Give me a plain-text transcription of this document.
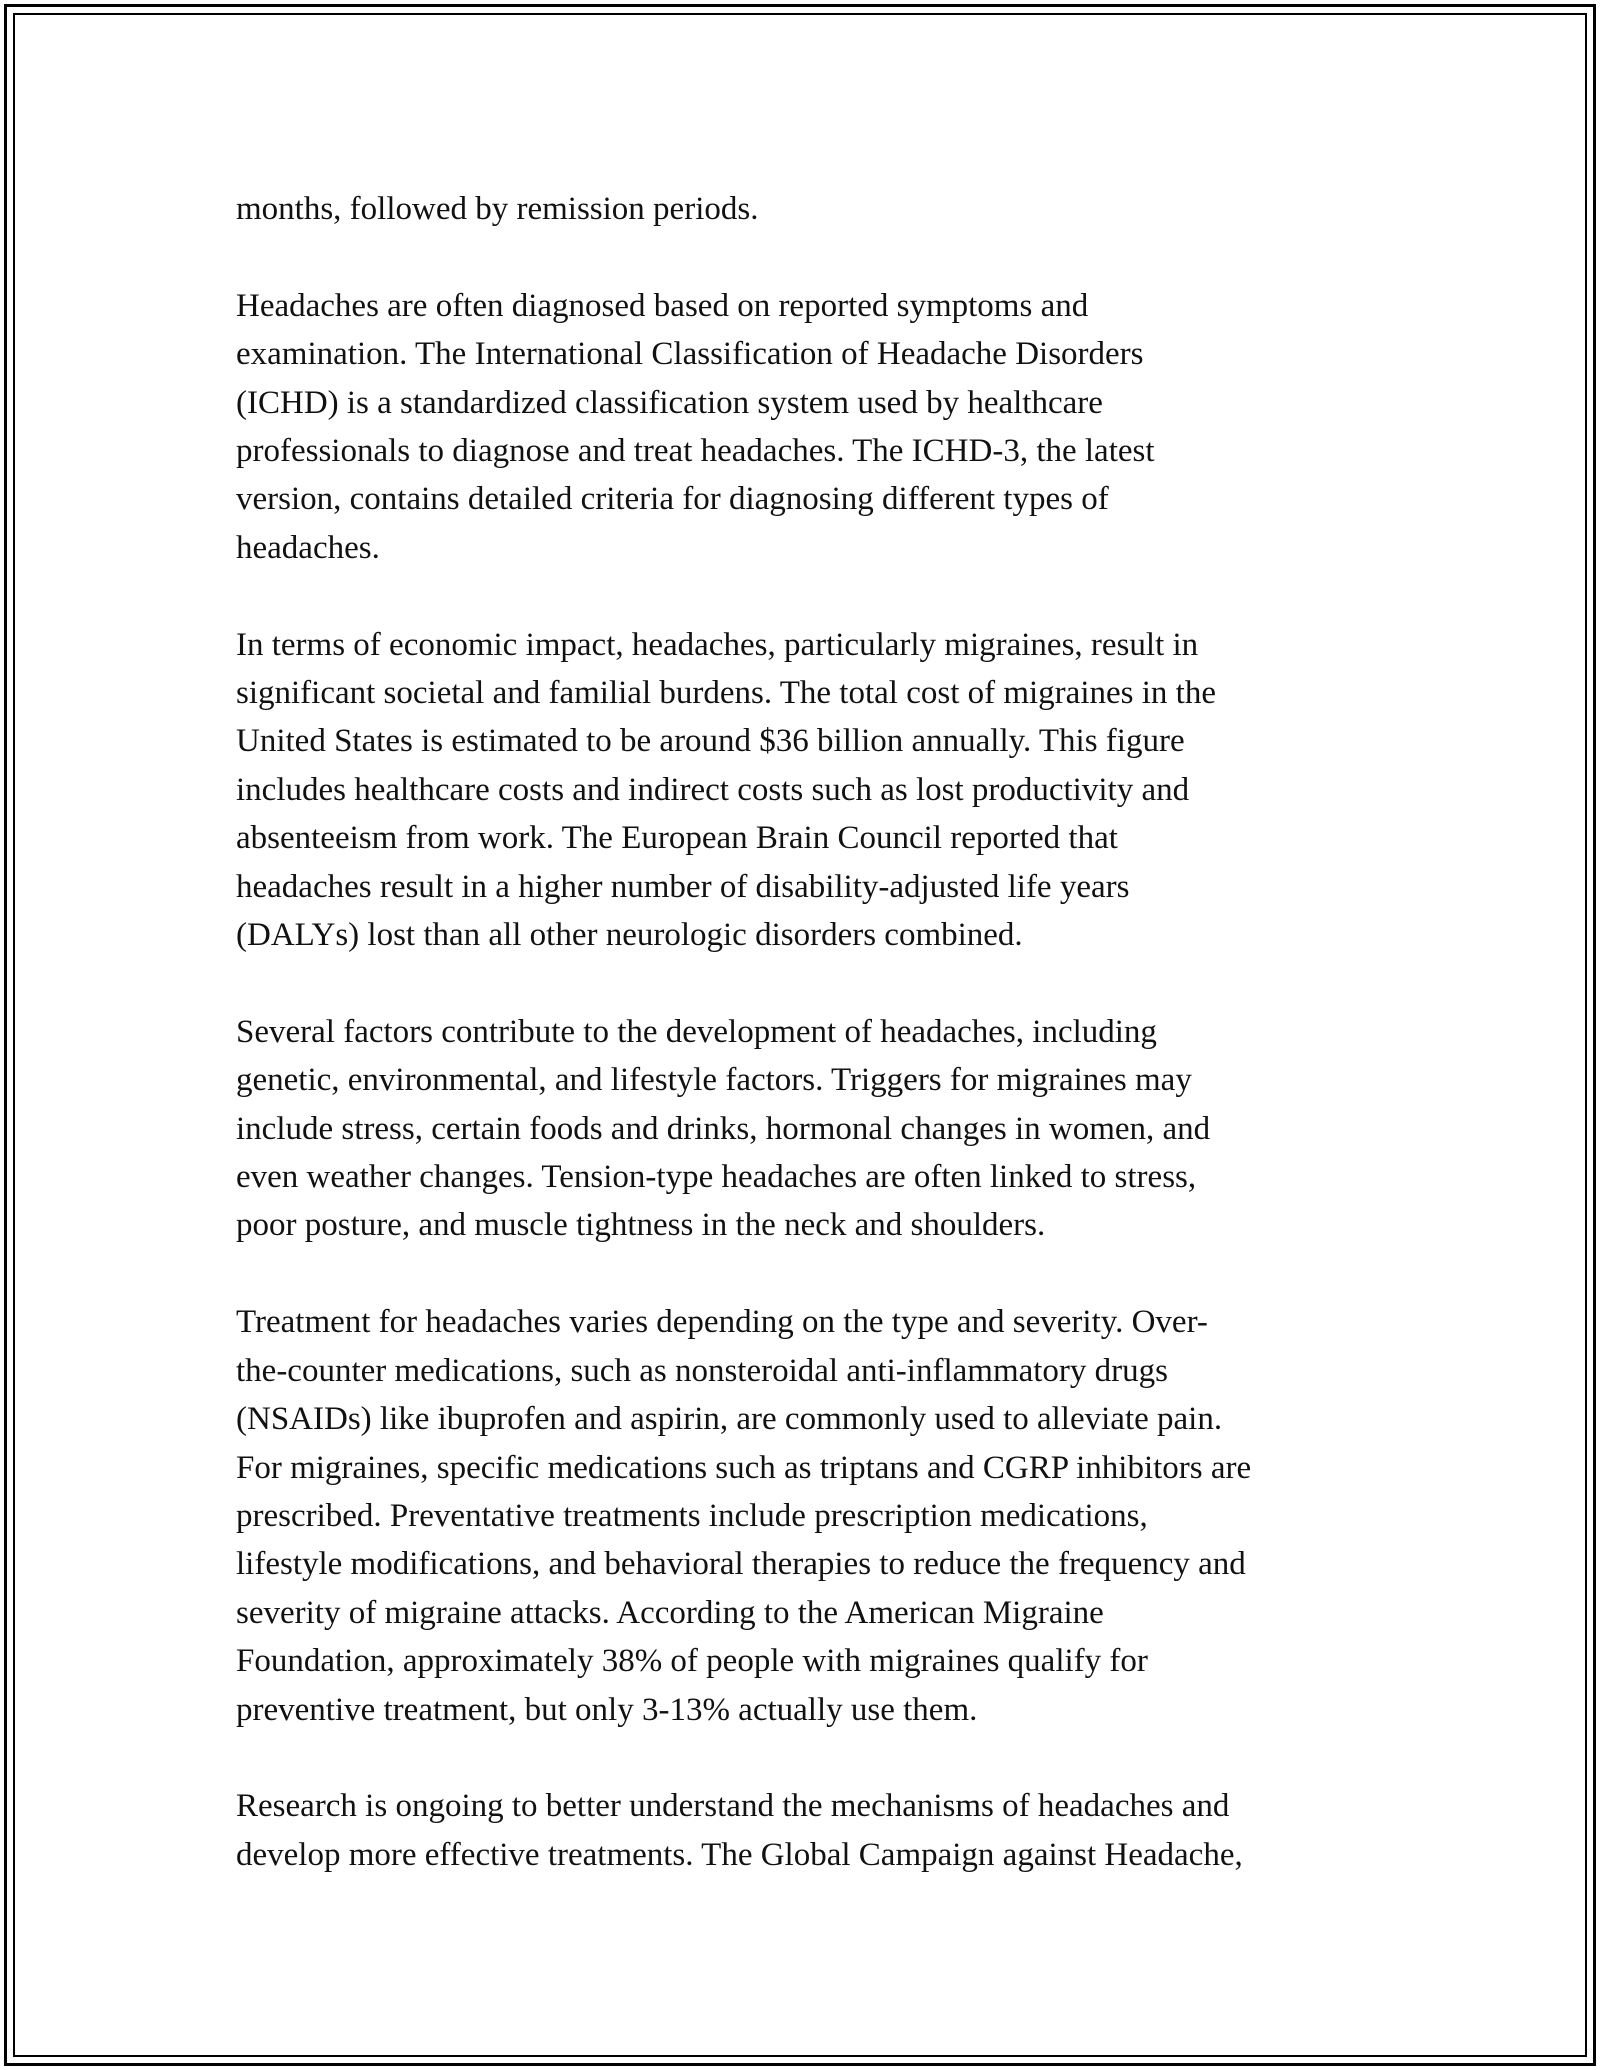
months, followed by remission periods.

Headaches are often diagnosed based on reported symptoms and
examination. The International Classification of Headache Disorders
(ICHD) is a standardized classification system used by healthcare
professionals to diagnose and treat headaches. The ICHD-3, the latest
version, contains detailed criteria for diagnosing different types of
headaches.

In terms of economic impact, headaches, particularly migraines, result in
significant societal and familial burdens. The total cost of migraines in the
United States is estimated to be around $36 billion annually. This figure
includes healthcare costs and indirect costs such as lost productivity and
absenteeism from work. The European Brain Council reported that
headaches result in a higher number of disability-adjusted life years
(DALYs) lost than all other neurologic disorders combined.

Several factors contribute to the development of headaches, including
genetic, environmental, and lifestyle factors. Triggers for migraines may
include stress, certain foods and drinks, hormonal changes in women, and
even weather changes. Tension-type headaches are often linked to stress,
poor posture, and muscle tightness in the neck and shoulders.

Treatment for headaches varies depending on the type and severity. Over-
the-counter medications, such as nonsteroidal anti-inflammatory drugs
(NSAIDs) like ibuprofen and aspirin, are commonly used to alleviate pain.
For migraines, specific medications such as triptans and CGRP inhibitors are
prescribed. Preventative treatments include prescription medications,
lifestyle modifications, and behavioral therapies to reduce the frequency and
severity of migraine attacks. According to the American Migraine
Foundation, approximately 38% of people with migraines qualify for
preventive treatment, but only 3-13% actually use them.

Research is ongoing to better understand the mechanisms of headaches and
develop more effective treatments. The Global Campaign against Headache,
